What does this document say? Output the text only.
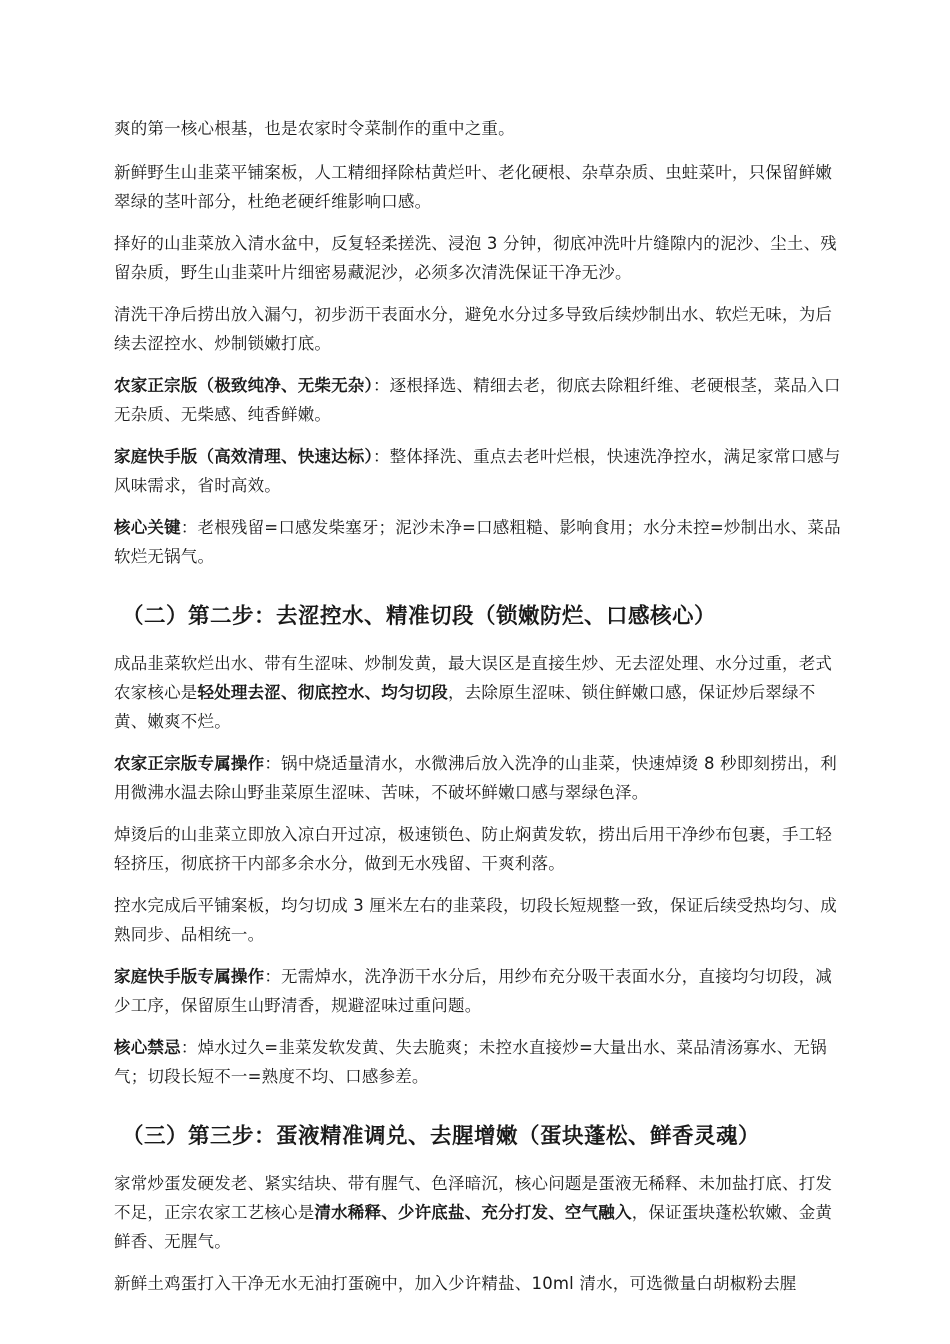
爽的第一核心根基，也是农家时令菜制作的重中之重。

新鲜野生山韭菜平铺案板，人工精细择除枯黄烂叶、老化硬根、杂草杂质、虫蛀菜叶，只保留鲜嫩翠绿的茎叶部分，杜绝老硬纤维影响口感。

择好的山韭菜放入清水盆中，反复轻柔搓洗、浸泡 3 分钟，彻底冲洗叶片缝隙内的泥沙、尘土、残留杂质，野生山韭菜叶片细密易藏泥沙，必须多次清洗保证干净无沙。

清洗干净后捞出放入漏勺，初步沥干表面水分，避免水分过多导致后续炒制出水、软烂无味，为后续去涩控水、炒制锁嫩打底。

农家正宗版（极致纯净、无柴无杂）：逐根择选、精细去老，彻底去除粗纤维、老硬根茎，菜品入口无杂质、无柴感、纯香鲜嫩。

家庭快手版（高效清理、快速达标）：整体择洗、重点去老叶烂根，快速洗净控水，满足家常口感与风味需求，省时高效。

核心关键：老根残留=口感发柴塞牙；泥沙未净=口感粗糙、影响食用；水分未控=炒制出水、菜品软烂无锅气。

（二）第二步：去涩控水、精准切段（锁嫩防烂、口感核心）

成品韭菜软烂出水、带有生涩味、炒制发黄，最大误区是直接生炒、无去涩处理、水分过重，老式农家核心是轻处理去涩、彻底控水、均匀切段，去除原生涩味、锁住鲜嫩口感，保证炒后翠绿不黄、嫩爽不烂。

农家正宗版专属操作：锅中烧适量清水，水微沸后放入洗净的山韭菜，快速焯烫 8 秒即刻捞出，利用微沸水温去除山野韭菜原生涩味、苦味，不破坏鲜嫩口感与翠绿色泽。

焯烫后的山韭菜立即放入凉白开过凉，极速锁色、防止焖黄发软，捞出后用干净纱布包裹，手工轻轻挤压，彻底挤干内部多余水分，做到无水残留、干爽利落。

控水完成后平铺案板，均匀切成 3 厘米左右的韭菜段，切段长短规整一致，保证后续受热均匀、成熟同步、品相统一。

家庭快手版专属操作：无需焯水，洗净沥干水分后，用纱布充分吸干表面水分，直接均匀切段，减少工序，保留原生山野清香，规避涩味过重问题。

核心禁忌：焯水过久=韭菜发软发黄、失去脆爽；未控水直接炒=大量出水、菜品清汤寡水、无锅气；切段长短不一=熟度不均、口感参差。

（三）第三步：蛋液精准调兑、去腥增嫩（蛋块蓬松、鲜香灵魂）

家常炒蛋发硬发老、紧实结块、带有腥气、色泽暗沉，核心问题是蛋液无稀释、未加盐打底、打发不足，正宗农家工艺核心是清水稀释、少许底盐、充分打发、空气融入，保证蛋块蓬松软嫩、金黄鲜香、无腥气。

新鲜土鸡蛋打入干净无水无油打蛋碗中，加入少许精盐、10ml 清水，可选微量白胡椒粉去腥
